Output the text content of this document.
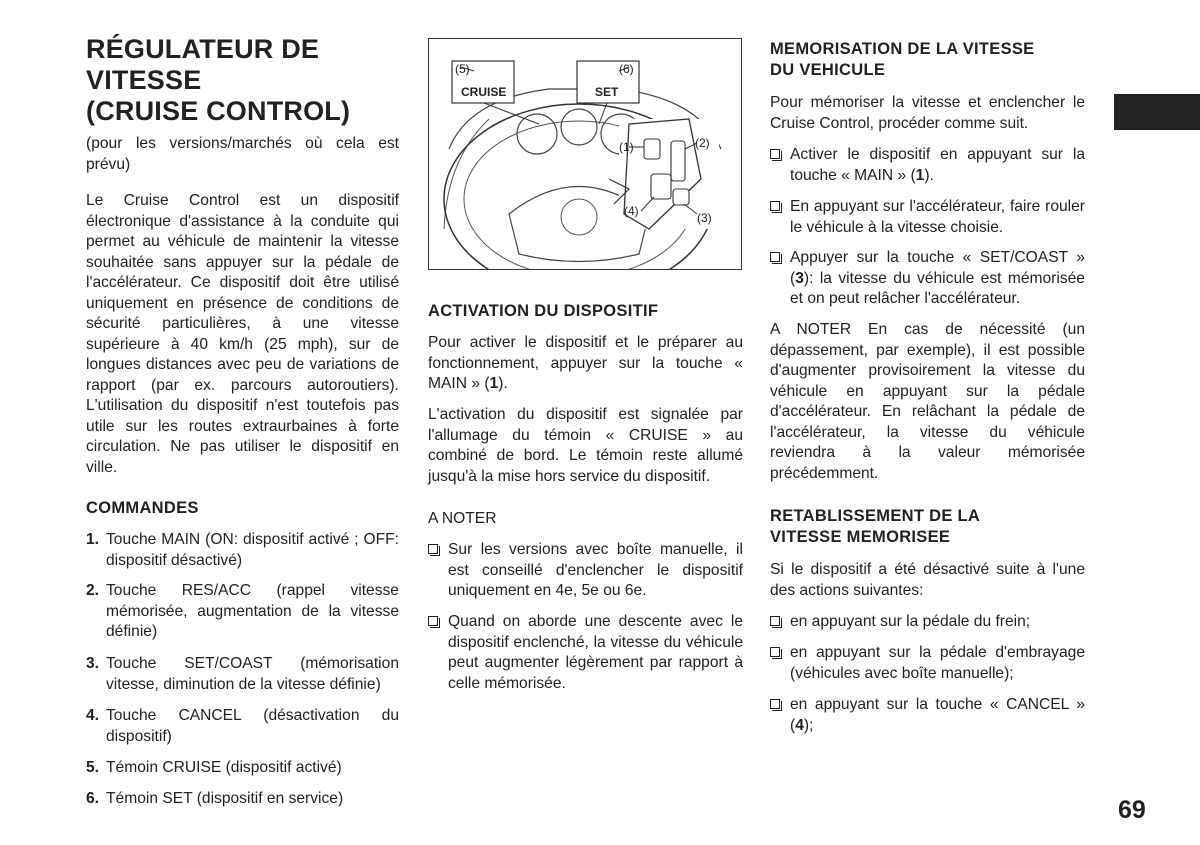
RÉGULATEUR DE
VITESSE
(CRUISE CONTROL)

(pour les versions/marchés où cela est prévu)

Le Cruise Control est un dispositif électronique d'assistance à la conduite qui permet au véhicule de maintenir la vitesse souhaitée sans appuyer sur la pédale de l'accélérateur. Ce dispositif doit être utilisé uniquement en présence de conditions de sécurité particulières, à une vitesse supérieure à 40 km/h (25 mph), sur de longues distances avec peu de variations de rapport (par ex. parcours autoroutiers). L'utilisation du dispositif n'est toutefois pas utile sur les routes extraurbaines à forte circulation. Ne pas utiliser le dispositif en ville.

COMMANDES
1. Touche MAIN (ON: dispositif activé ; OFF: dispositif désactivé)
2. Touche RES/ACC (rappel vitesse mémorisée, augmentation de la vitesse définie)
3. Touche SET/COAST (mémorisation vitesse, diminution de la vitesse définie)
4. Touche CANCEL (désactivation du dispositif)
5. Témoin CRUISE (dispositif activé)
6. Témoin SET (dispositif en service)
(5)	(6)
CRUISE	SET
(1)	(2)
(3)
(4)
ACTIVATION DU DISPOSITIF

Pour activer le dispositif et le préparer au fonctionnement, appuyer sur la touche « MAIN » (1).

L'activation du dispositif est signalée par l'allumage du témoin « CRUISE » au combiné de bord. Le témoin reste allumé jusqu'à la mise hors service du dispositif.

A NOTER

Sur les versions avec boîte manuelle, il est conseillé d'enclencher le dispositif uniquement en 4e, 5e ou 6e.
Quand on aborde une descente avec le dispositif enclenché, la vitesse du véhicule peut augmenter légèrement par rapport à celle mémorisée.
MEMORISATION DE LA VITESSE
DU VEHICULE

Pour mémoriser la vitesse et enclencher le Cruise Control, procéder comme suit.

Activer le dispositif en appuyant sur la touche « MAIN » (1).
En appuyant sur l'accélérateur, faire rouler le véhicule à la vitesse choisie.
Appuyer sur la touche « SET/COAST » (3): la vitesse du véhicule est mémorisée et on peut relâcher l'accélérateur.

A NOTER En cas de nécessité (un dépassement, par exemple), il est possible d'augmenter provisoirement la vitesse du véhicule en appuyant sur la pédale d'accélérateur. En relâchant la pédale de l'accélérateur, la vitesse du véhicule reviendra à la valeur mémorisée précédemment.

RETABLISSEMENT DE LA
VITESSE MEMORISEE

Si le dispositif a été désactivé suite à l'une des actions suivantes:

en appuyant sur la pédale du frein;
en appuyant sur la pédale d'embrayage (véhicules avec boîte manuelle);
en appuyant sur la touche « CANCEL » (4);
69
